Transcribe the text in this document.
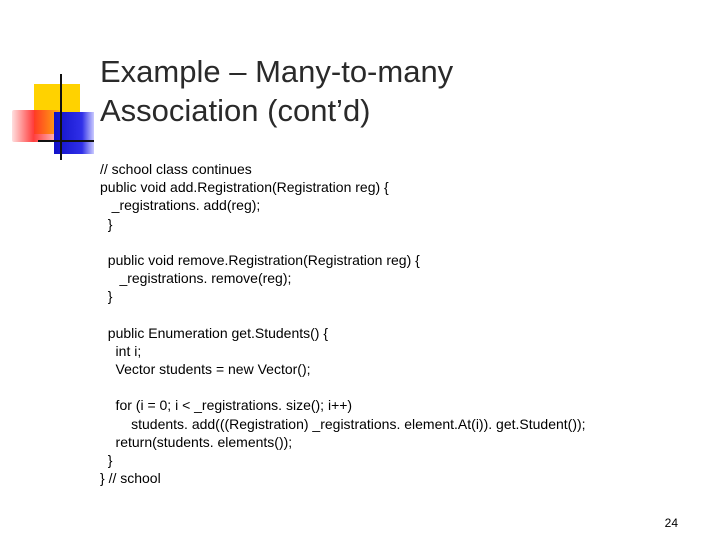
Example – Many-to-many
Association (cont’d)
// school class continues
public void add.Registration(Registration reg) {
_registrations. add(reg);
}
public void remove.Registration(Registration reg) {
_registrations. remove(reg);
}
public Enumeration get.Students() {
int i;
Vector students = new Vector();
for (i = 0; i < _registrations. size(); i++)
students. add(((Registration) _registrations. element.At(i)). get.Student());
return(students. elements());
}
} // school
24
